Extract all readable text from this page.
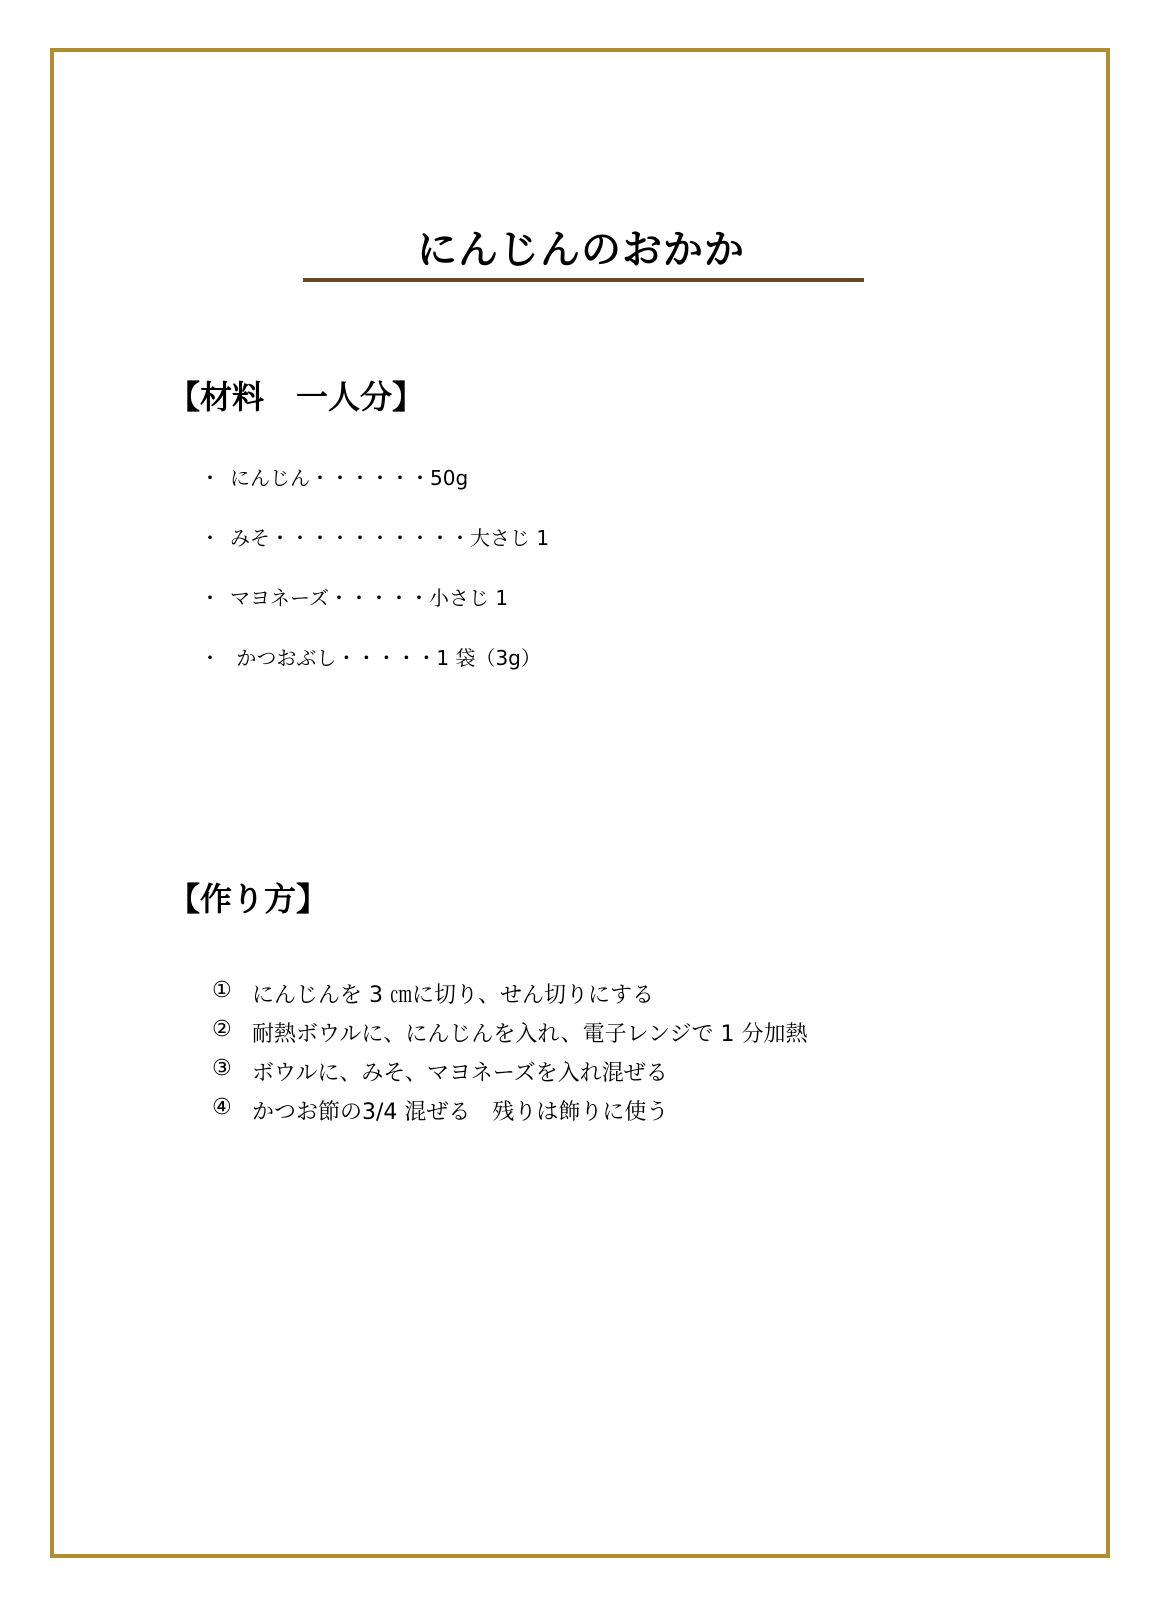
にんじんのおかか
【材料　一人分】
・ にんじん・・・・・・50g
・ みそ・・・・・・・・・・大さじ 1
・ マヨネーズ・・・・・小さじ 1
・ かつおぶし・・・・・1 袋（3g）
【作り方】
① にんじんを 3 ㎝に切り、せん切りにする
② 耐熱ボウルに、にんじんを入れ、電子レンジで 1 分加熱
③ ボウルに、みそ、マヨネーズを入れ混ぜる
④ かつお節の3/4 混ぜる　残りは飾りに使う
